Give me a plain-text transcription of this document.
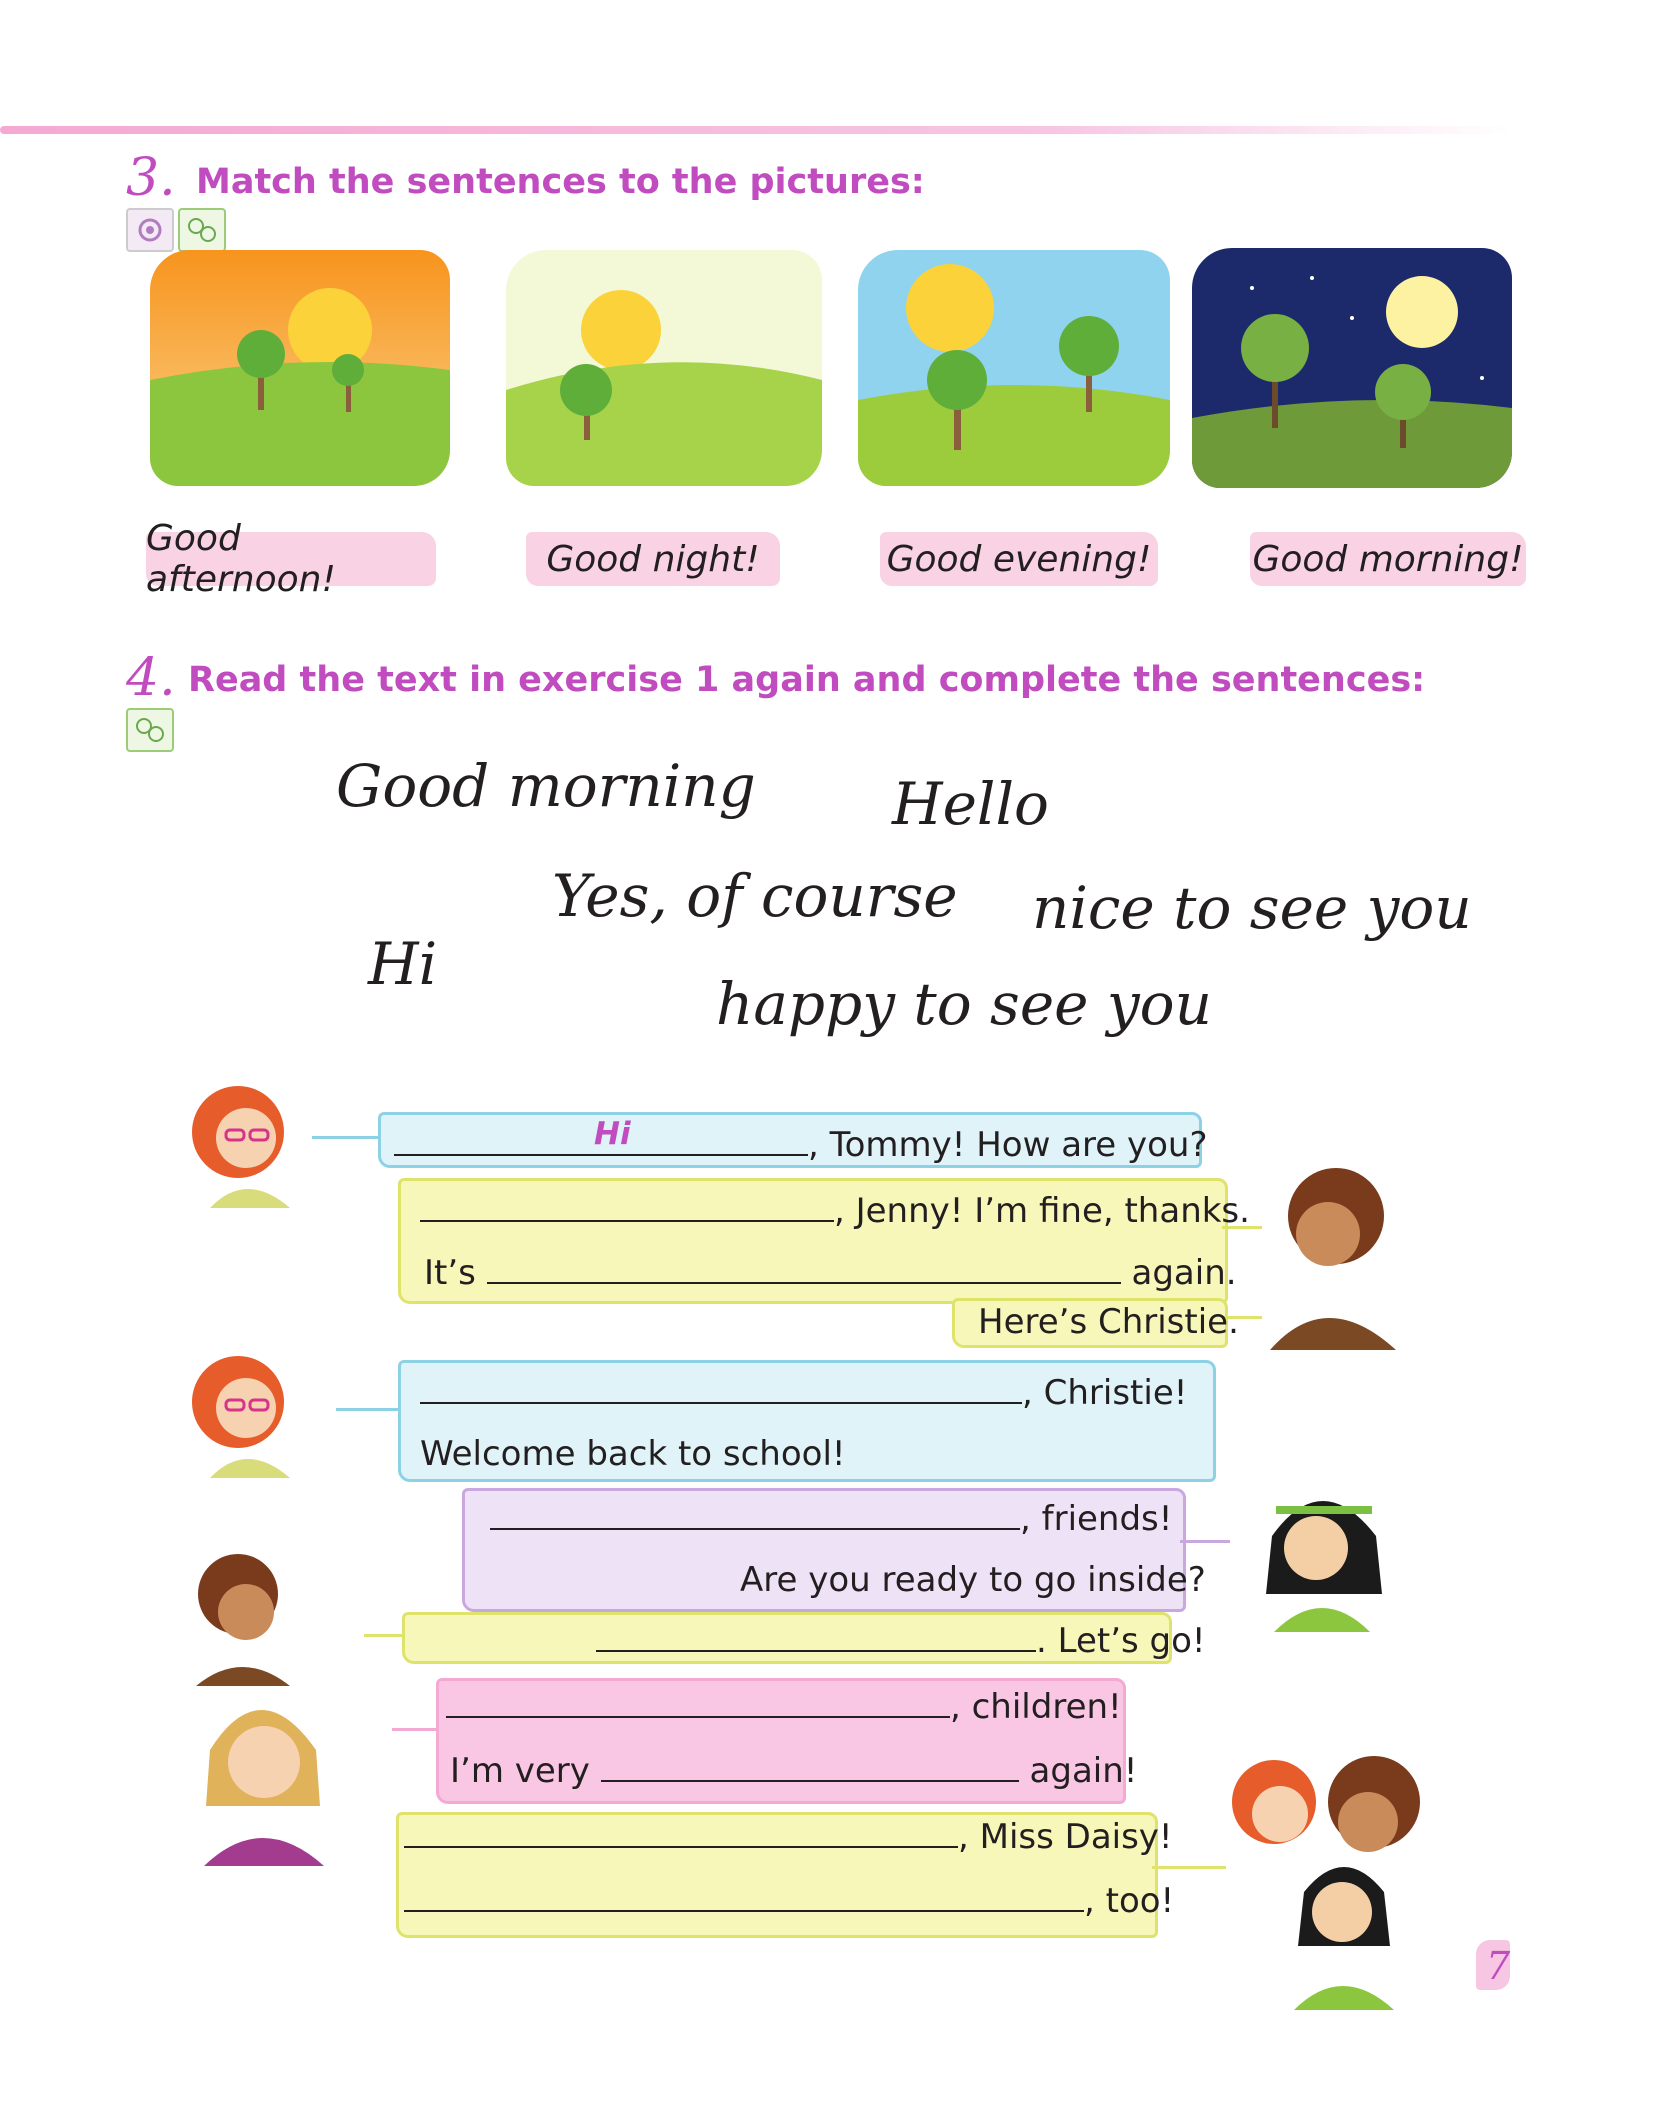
3. Match the sentences to the pictures:
Good afternoon!	Good night!	Good evening!	Good morning!
4. Read the text in exercise 1 again and complete the sentences:
Good morning Hello
Yes, of course nice to see you
Hi
happy to see you
Hi	, Tommy! How are you?
, Jenny! I’m fine, thanks.
It’s	again.
Here’s Christie.
, Christie!
Welcome back to school!
, friends!
Are you ready to go inside?
. Let’s go!
, children!
I’m very	again!
, Miss Daisy!
, too!
7
